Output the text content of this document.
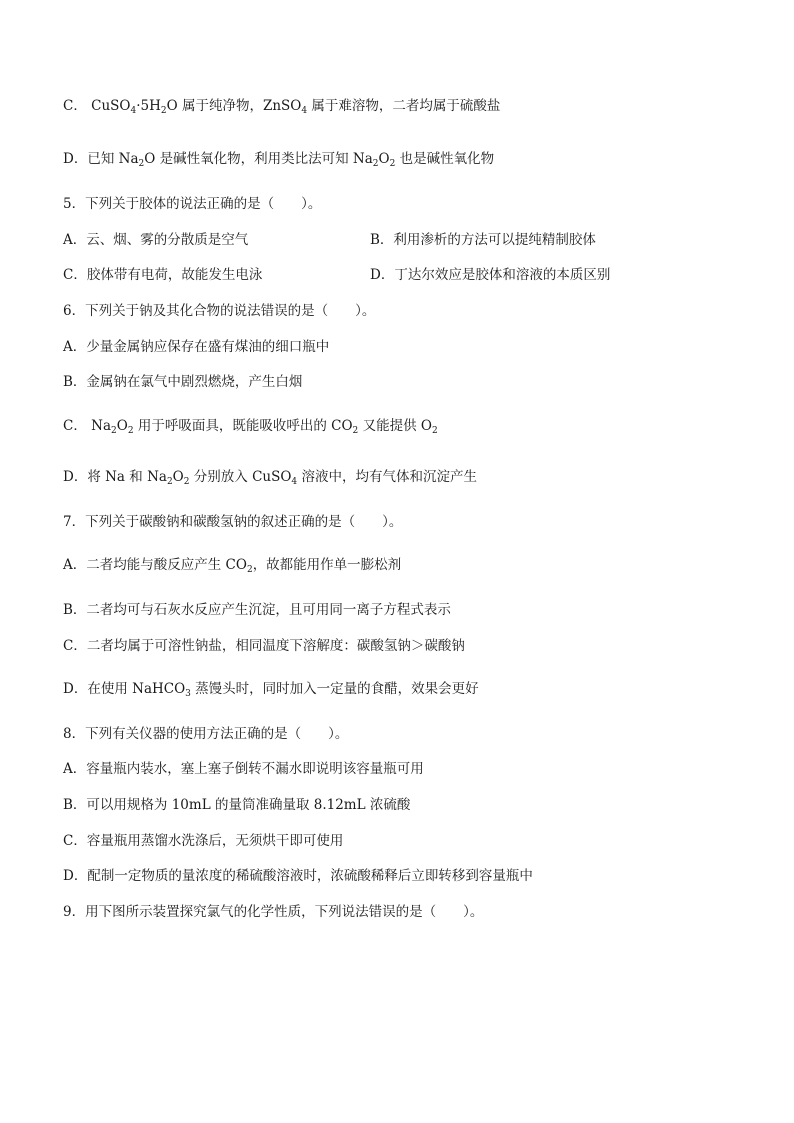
C． $CuSO_4\cdot 5H_2O$ 属于纯净物，ZnSO$_4$ 属于难溶物，二者均属于硫酸盐
D．已知 $Na_2O$ 是碱性氧化物，利用类比法可知 $Na_2O_2$ 也是碱性氧化物
5．下列关于胶体的说法正确的是（　　）。
A．云、烟、雾的分散质是空气	B．利用渗析的方法可以提纯精制胶体
C．胶体带有电荷，故能发生电泳	D．丁达尔效应是胶体和溶液的本质区别
6．下列关于钠及其化合物的说法错误的是（　　）。
A．少量金属钠应保存在盛有煤油的细口瓶中
B．金属钠在氯气中剧烈燃烧，产生白烟
C． $Na_2O_2$ 用于呼吸面具，既能吸收呼出的 $CO_2$ 又能提供 $O_2$
D．将 Na 和 $Na_2O_2$ 分别放入 CuSO$_4$ 溶液中，均有气体和沉淀产生
7．下列关于碳酸钠和碳酸氢钠的叙述正确的是（　　）。
A．二者均能与酸反应产生 $CO_2$，故都能用作单一膨松剂
B．二者均可与石灰水反应产生沉淀，且可用同一离子方程式表示
C．二者均属于可溶性钠盐，相同温度下溶解度：碳酸氢钠＞碳酸钠
D．在使用 NaHCO$_3$ 蒸馒头时，同时加入一定量的食醋，效果会更好
8．下列有关仪器的使用方法正确的是（　　）。
A．容量瓶内装水，塞上塞子倒转不漏水即说明该容量瓶可用
B．可以用规格为 10mL 的量筒准确量取 8.12mL 浓硫酸
C．容量瓶用蒸馏水洗涤后，无须烘干即可使用
D．配制一定物质的量浓度的稀硫酸溶液时，浓硫酸稀释后立即转移到容量瓶中
9．用下图所示装置探究氯气的化学性质，下列说法错误的是（　　）。
